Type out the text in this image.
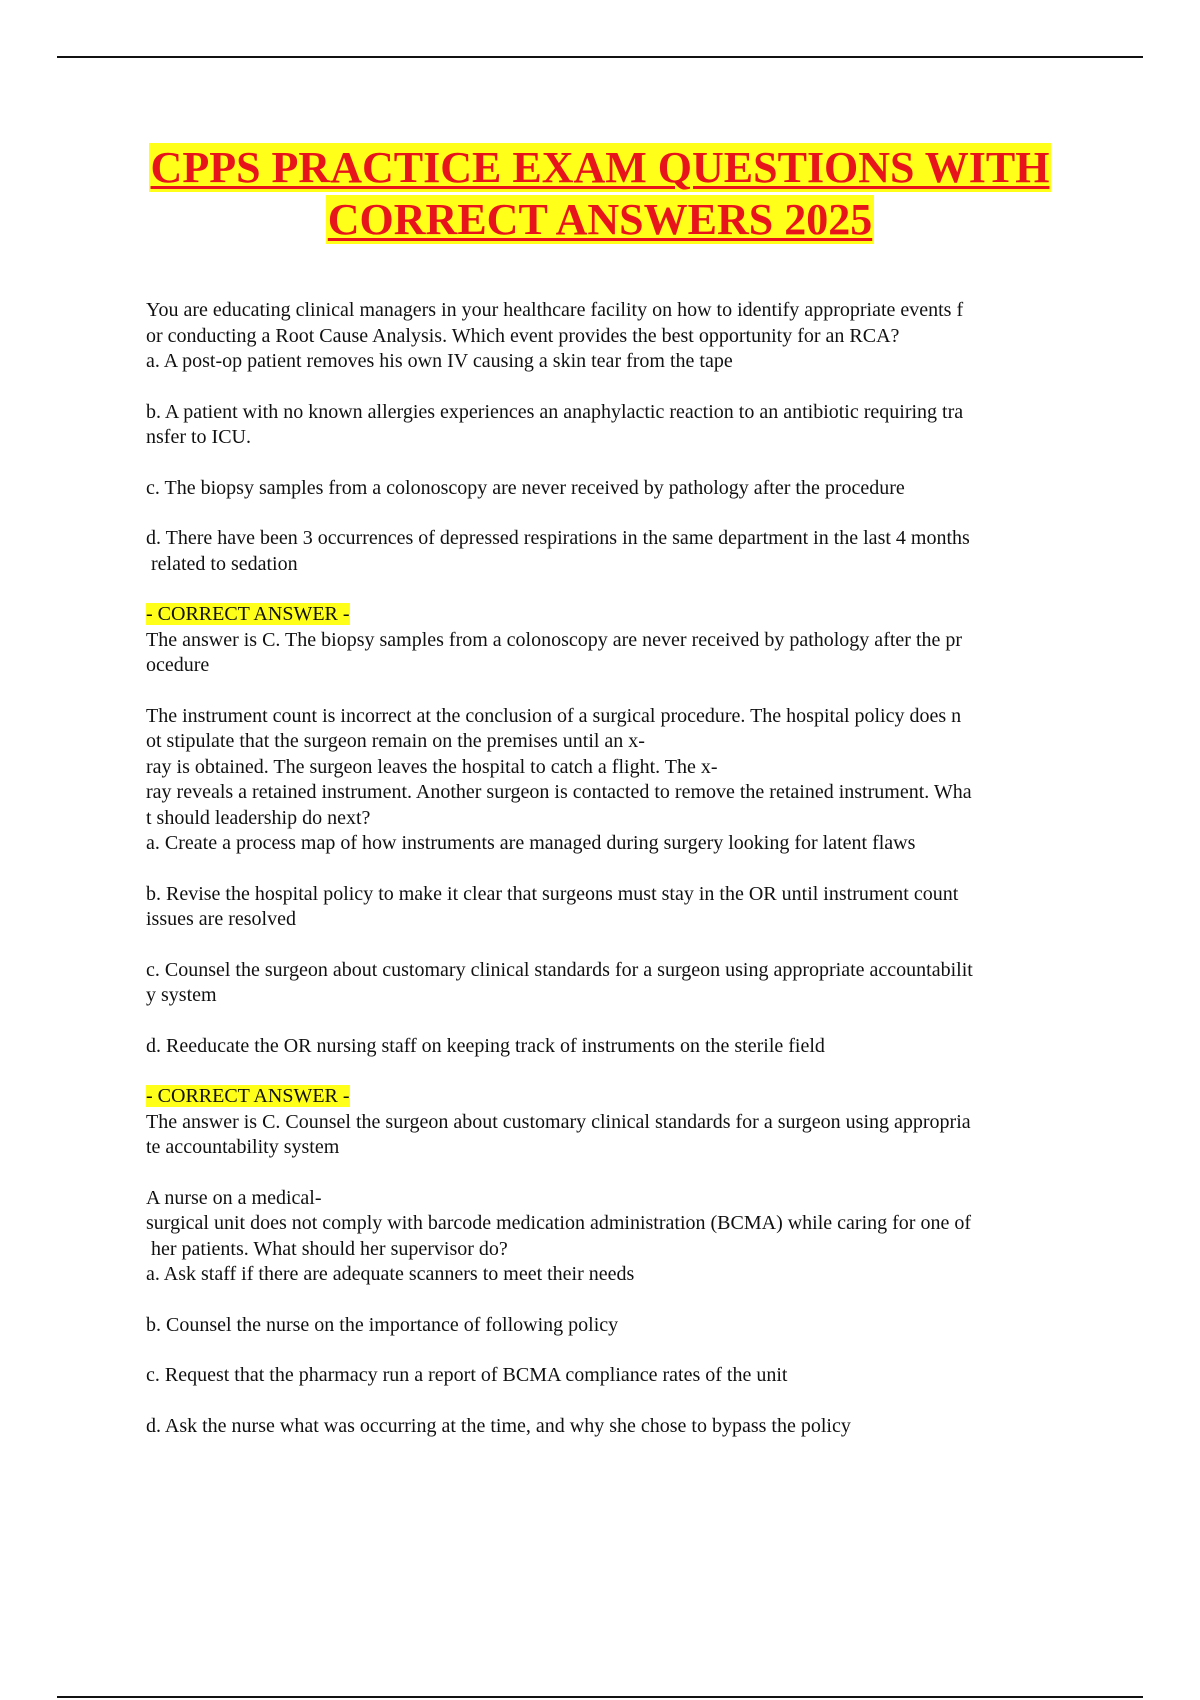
CPPS PRACTICE EXAM QUESTIONS WITH
CORRECT ANSWERS 2025
You are educating clinical managers in your healthcare facility on how to identify appropriate events f
or conducting a Root Cause Analysis. Which event provides the best opportunity for an RCA?
a. A post-op patient removes his own IV causing a skin tear from the tape
b. A patient with no known allergies experiences an anaphylactic reaction to an antibiotic requiring tra
nsfer to ICU.
c. The biopsy samples from a colonoscopy are never received by pathology after the procedure
d. There have been 3 occurrences of depressed respirations in the same department in the last 4 months
related to sedation
- CORRECT ANSWER -
The answer is C. The biopsy samples from a colonoscopy are never received by pathology after the pr
ocedure
The instrument count is incorrect at the conclusion of a surgical procedure. The hospital policy does n
ot stipulate that the surgeon remain on the premises until an x-
ray is obtained. The surgeon leaves the hospital to catch a flight. The x-
ray reveals a retained instrument. Another surgeon is contacted to remove the retained instrument. Wha
t should leadership do next?
a. Create a process map of how instruments are managed during surgery looking for latent flaws
b. Revise the hospital policy to make it clear that surgeons must stay in the OR until instrument count
issues are resolved
c. Counsel the surgeon about customary clinical standards for a surgeon using appropriate accountabilit
y system
d. Reeducate the OR nursing staff on keeping track of instruments on the sterile field
- CORRECT ANSWER -
The answer is C. Counsel the surgeon about customary clinical standards for a surgeon using appropria
te accountability system
A nurse on a medical-
surgical unit does not comply with barcode medication administration (BCMA) while caring for one of
her patients. What should her supervisor do?
a. Ask staff if there are adequate scanners to meet their needs
b. Counsel the nurse on the importance of following policy
c. Request that the pharmacy run a report of BCMA compliance rates of the unit
d. Ask the nurse what was occurring at the time, and why she chose to bypass the policy
